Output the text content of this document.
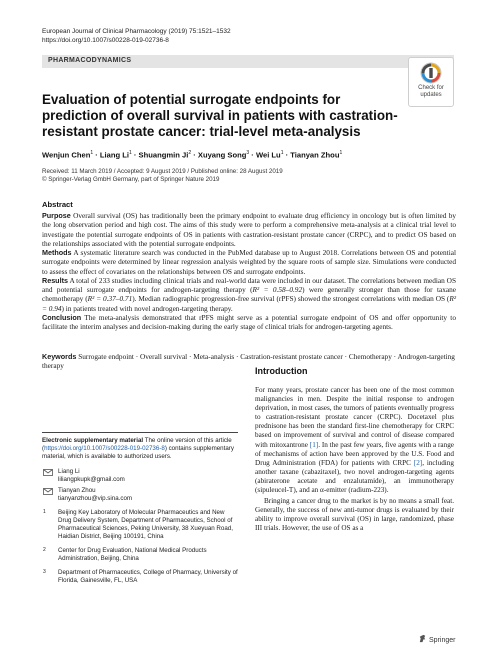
European Journal of Clinical Pharmacology (2019) 75:1521–1532
https://doi.org/10.1007/s00228-019-02736-8
PHARMACODYNAMICS
Check for
updates
Evaluation of potential surrogate endpoints for prediction of overall survival in patients with castration-resistant prostate cancer: trial-level meta-analysis
Wenjun Chen$^1$ · Liang $Li^1$ · Shuangmin $Ji^2$ · Xuyang Song$^3$ · Wei $Lu^1$ · Tianyan Zhou$^1$
Received: 11 March 2019 / Accepted: 9 August 2019 / Published online: 28 August 2019
© Springer-Verlag GmbH Germany, part of Springer Nature 2019
Abstract

Purpose Overall survival (OS) has traditionally been the primary endpoint to evaluate drug efficiency in oncology but is often limited by the long observation period and high cost. The aims of this study were to perform a comprehensive meta-analysis at a clinical trial level to investigate the potential surrogate endpoints of OS in patients with castration-resistant prostate cancer (CRPC), and to predict OS based on the relationships associated with the potential surrogate endpoints.

Methods A systematic literature search was conducted in the PubMed database up to August 2018. Correlations between OS and potential surrogate endpoints were determined by linear regression analysis weighted by the square roots of sample size. Simulations were conducted to assess the effect of covariates on the relationships between OS and surrogate endpoints.

Results A total of 233 studies including clinical trials and real-world data were included in our dataset. The correlations between median OS and potential surrogate endpoints for androgen-targeting therapy (R² = 0.58–0.92) were generally stronger than those for taxane chemotherapy (R² = 0.37–0.71). Median radiographic progression-free survival (rPFS) showed the strongest correlations with median OS (R² = 0.94) in patients treated with novel androgen-targeting therapy.

Conclusion The meta-analysis demonstrated that rPFS might serve as a potential surrogate endpoint of OS and offer opportunity to facilitate the interim analyses and decision-making during the early stage of clinical trials for androgen-targeting agents.

Keywords Surrogate endpoint · Overall survival · Meta-analysis · Castration-resistant prostate cancer · Chemotherapy · Androgen-targeting therapy
Electronic supplementary material The online version of this article (https://doi.org/10.1007/s00228-019-02736-8) contains supplementary material, which is available to authorized users.
Liang Li
liliangpkupk@gmail.com
Tianyan Zhou
tianyanzhou@vip.sina.com
1 Beijing Key Laboratory of Molecular Pharmaceutics and New Drug Delivery System, Department of Pharmaceutics, School of Pharmaceutical Sciences, Peking University, 38 Xueyuan Road, Haidian District, Beijing 100191, China
2 Center for Drug Evaluation, National Medical Products Administration, Beijing, China
3 Department of Pharmaceutics, College of Pharmacy, University of Florida, Gainesville, FL, USA
Introduction

For many years, prostate cancer has been one of the most common malignancies in men. Despite the initial response to androgen deprivation, in most cases, the tumors of patients eventually progress to castration-resistant prostate cancer (CRPC). Docetaxel plus prednisone has been the standard first-line chemotherapy for CRPC based on improvement of survival and control of disease compared with mitoxantrone [1]. In the past few years, five agents with a range of mechanisms of action have been approved by the U.S. Food and Drug Administration (FDA) for patients with CRPC [2], including another taxane (cabazitaxel), two novel androgen-targeting agents (abiraterone acetate and enzalutamide), an immunotherapy (sipuleucel-T), and an α-emitter (radium-223).

Bringing a cancer drug to the market is by no means a small feat. Generally, the success of new anti-tumor drugs is evaluated by their ability to improve overall survival (OS) in large, randomized, phase III trials. However, the use of OS as a

Springer
